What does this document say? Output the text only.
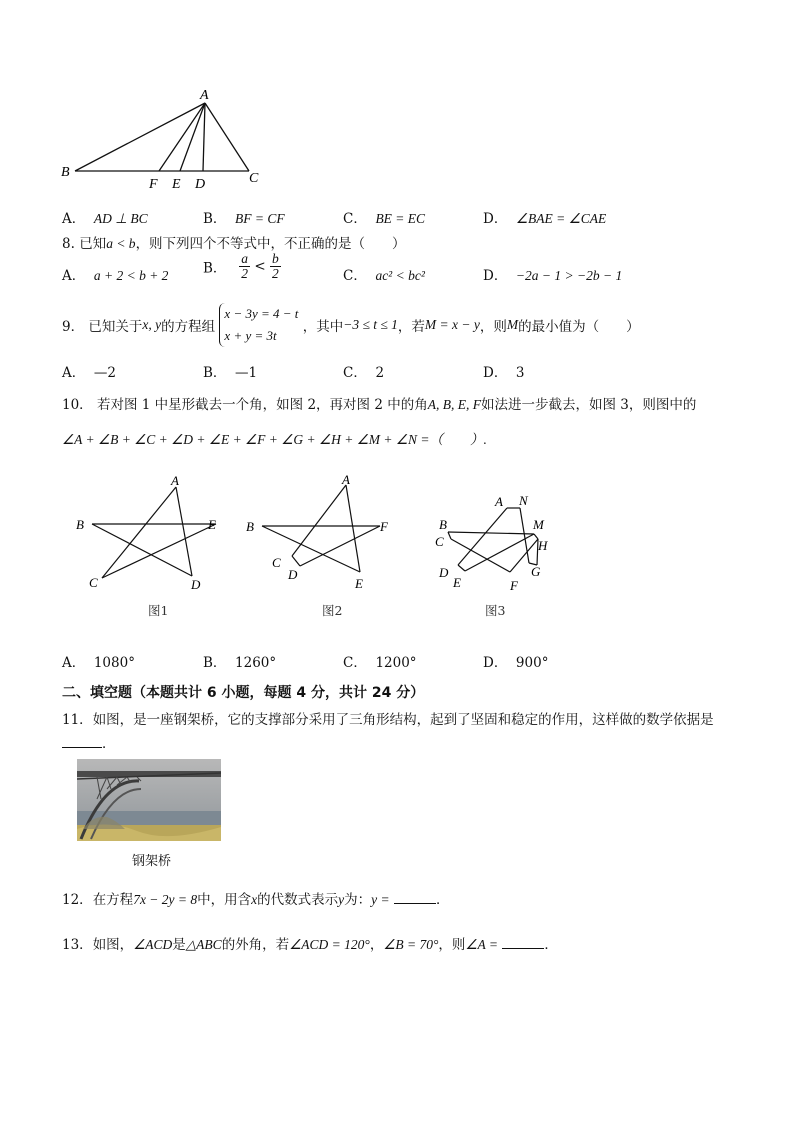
A
B
F E D	C
A． AD ⊥ BC	B． BF = CF	C． BE = EC	D． ∠BAE = ∠CAE
8. 已知a < b，则下列四个不等式中，不正确的是（　　）
A． a + 2 < b + 2	B． $\frac{a}{2} < \frac{b}{2}$	C． ac² < bc²	D． −2a − 1 > −2b − 1
9． 已知关于x, y的方程组
x − 3y = 4 − t
x + y = 3t
，其中−3 ≤ t ≤ 1，若M = x − y，则M的最小值为（　　）
A． —2	B． —1	C． 2	D． 3
10． 若对图 1 中星形截去一个角，如图 2，再对图 2 中的角A, B, E, F如法进一步截去，如图 3，则图中的
∠A + ∠B + ∠C + ∠D + ∠E + ∠F + ∠G + ∠H + ∠M + ∠N =（　　）.
A
B	E
C	D
图1
A
B	F
C
D
E
图2
A N
B	M
C	H
D
E	F
G
图3
A． 1080°	B． 1260°	C． 1200°	D． 900°
二、填空题（本题共计 6 小题，每题 4 分，共计 24 分）
11．如图，是一座钢架桥，它的支撑部分采用了三角形结构，起到了坚固和稳定的作用，这样做的数学依据是
．
钢架桥
12．在方程7x − 2y = 8中，用含x的代数式表示y为：y =	．
13．如图，∠ACD是△ABC的外角，若∠ACD = 120°，∠B = 70°，则∠A =	．
